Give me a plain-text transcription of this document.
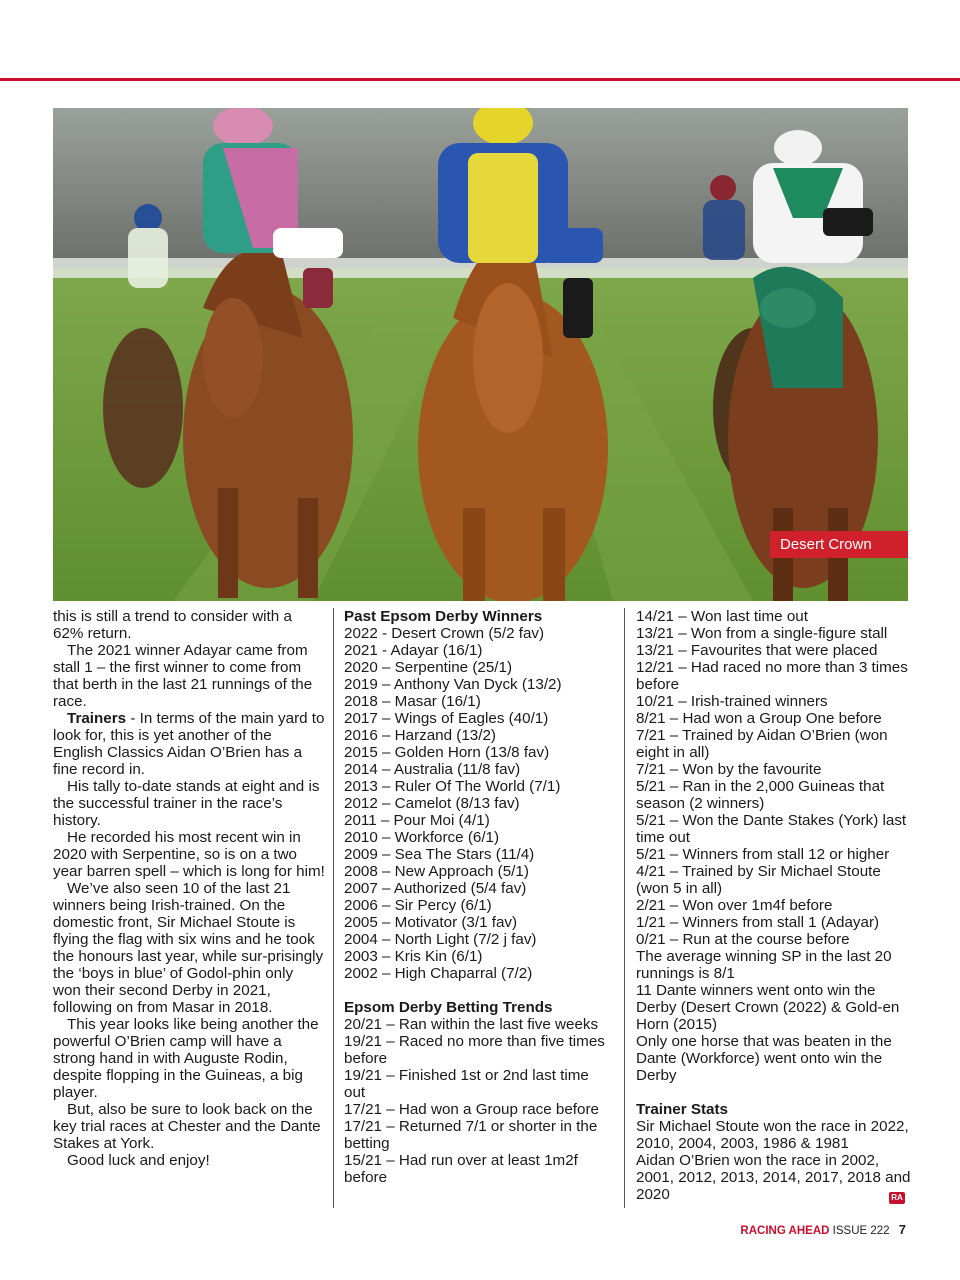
Desert Crown

this is still a trend to consider with a 62% return.

The 2021 winner Adayar came from stall 1 – the first winner to come from that berth in the last 21 runnings of the race.

Trainers - In terms of the main yard to look for, this is yet another of the English Classics Aidan O’Brien has a fine record in.

His tally to-date stands at eight and is the successful trainer in the race’s history.

He recorded his most recent win in 2020 with Serpentine, so is on a two year barren spell – which is long for him!

We’ve also seen 10 of the last 21 winners being Irish-trained. On the domestic front, Sir Michael Stoute is flying the flag with six wins and he took the honours last year, while sur-prisingly the ‘boys in blue’ of Godol-phin only won their second Derby in 2021, following on from Masar in 2018.

This year looks like being another the powerful O’Brien camp will have a strong hand in with Auguste Rodin, despite flopping in the Guineas, a big player.

But, also be sure to look back on the key trial races at Chester and the Dante Stakes at York.

Good luck and enjoy!

Past Epsom Derby Winners
2022 - Desert Crown (5/2 fav)
2021 - Adayar (16/1)
2020 – Serpentine (25/1)
2019 – Anthony Van Dyck (13/2)
2018 – Masar (16/1)
2017 – Wings of Eagles (40/1)
2016 – Harzand (13/2)
2015 – Golden Horn (13/8 fav)
2014 – Australia (11/8 fav)
2013 – Ruler Of The World (7/1)
2012 – Camelot (8/13 fav)
2011 – Pour Moi (4/1)
2010 – Workforce (6/1)
2009 – Sea The Stars (11/4)
2008 – New Approach (5/1)
2007 – Authorized (5/4 fav)
2006 – Sir Percy (6/1)
2005 – Motivator (3/1 fav)
2004 – North Light (7/2 j fav)
2003 – Kris Kin (6/1)
2002 – High Chaparral (7/2)
Epsom Derby Betting Trends
20/21 – Ran within the last five weeks
19/21 – Raced no more than five times before
19/21 – Finished 1st or 2nd last time out
17/21 – Had won a Group race before
17/21 – Returned 7/1 or shorter in the betting
15/21 – Had run over at least 1m2f before
14/21 – Won last time out
13/21 – Won from a single-figure stall
13/21 – Favourites that were placed
12/21 – Had raced no more than 3 times before
10/21 – Irish-trained winners
8/21 – Had won a Group One before
7/21 – Trained by Aidan O’Brien (won eight in all)
7/21 – Won by the favourite
5/21 – Ran in the 2,000 Guineas that season (2 winners)
5/21 – Won the Dante Stakes (York) last time out
5/21 – Winners from stall 12 or higher
4/21 – Trained by Sir Michael Stoute (won 5 in all)
2/21 – Won over 1m4f before
1/21 – Winners from stall 1 (Adayar)
0/21 – Run at the course before
The average winning SP in the last 20 runnings is 8/1
11 Dante winners went onto win the Derby (Desert Crown (2022) & Gold-en Horn (2015)
Only one horse that was beaten in the Dante (Workforce) went onto win the Derby
Trainer Stats
Sir Michael Stoute won the race in 2022, 2010, 2004, 2003, 1986 & 1981
Aidan O’Brien won the race in 2002, 2001, 2012, 2013, 2014, 2017, 2018 and 2020	RA
RACING AHEAD ISSUE 222 7
